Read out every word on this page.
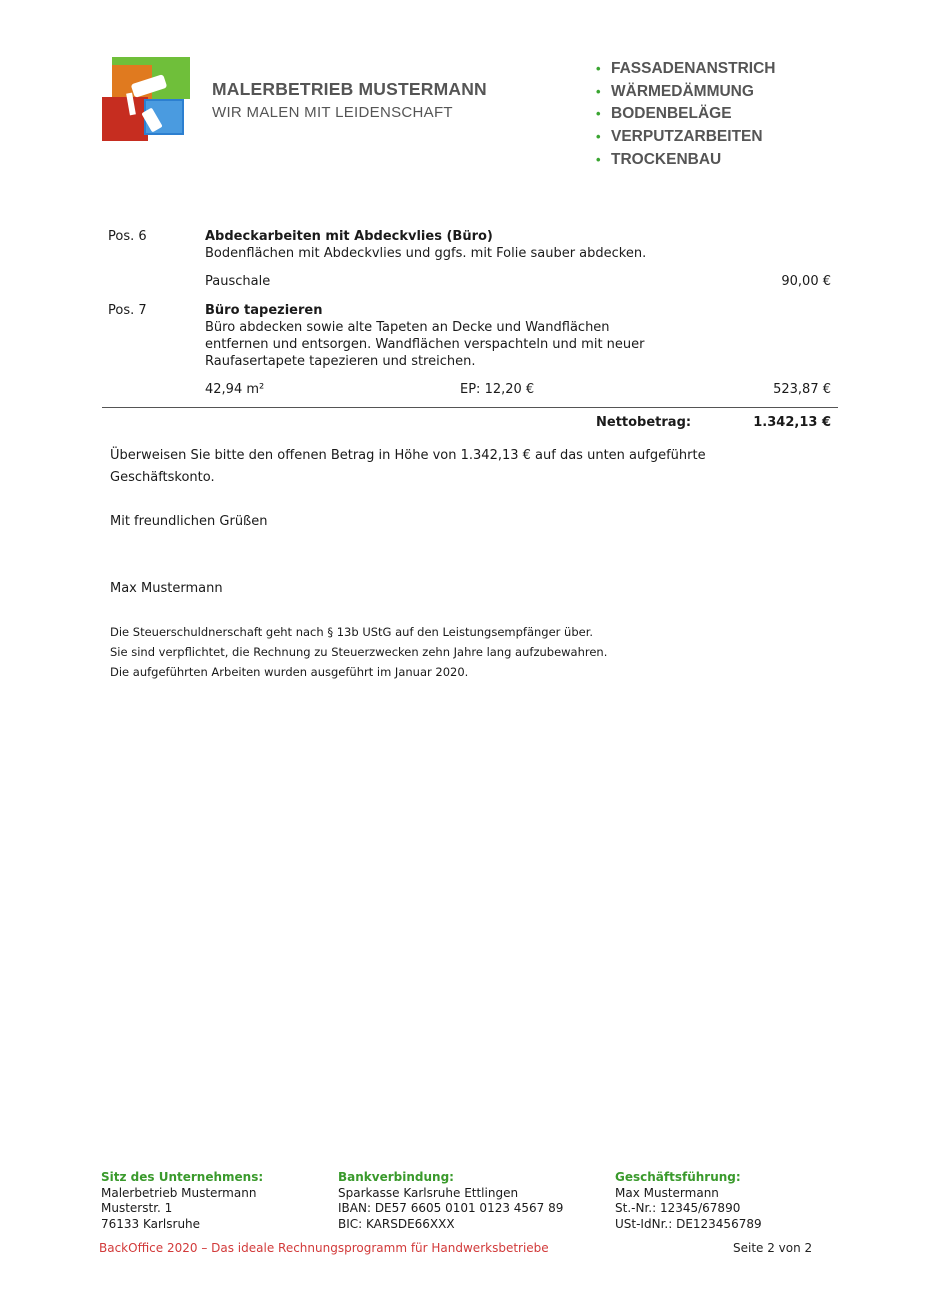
MALERBETRIEB MUSTERMANN
WIR MALEN MIT LEIDENSCHAFT
• FASSADENANSTRICH
• WÄRMEDÄMMUNG
• BODENBELÄGE
• VERPUTZARBEITEN
• TROCKENBAU
Pos. 6	Abdeckarbeiten mit Abdeckvlies (Büro)
Bodenflächen mit Abdeckvlies und ggfs. mit Folie sauber abdecken.
Pauschale	90,00 €
Pos. 7	Büro tapezieren
Büro abdecken sowie alte Tapeten an Decke und Wandflächen
entfernen und entsorgen. Wandflächen verspachteln und mit neuer
Raufasertapete tapezieren und streichen.
42,94 m²	EP: 12,20 €	523,87 €
Nettobetrag:	1.342,13 €
Überweisen Sie bitte den offenen Betrag in Höhe von 1.342,13 € auf das unten aufgeführte
Geschäftskonto.
Mit freundlichen Grüßen
Max Mustermann
Die Steuerschuldnerschaft geht nach § 13b UStG auf den Leistungsempfänger über.
Sie sind verpflichtet, die Rechnung zu Steuerzwecken zehn Jahre lang aufzubewahren.
Die aufgeführten Arbeiten wurden ausgeführt im Januar 2020.
Sitz des Unternehmens:
Malerbetrieb Mustermann
Musterstr. 1
76133 Karlsruhe
Bankverbindung:
Sparkasse Karlsruhe Ettlingen
IBAN: DE57 6605 0101 0123 4567 89
BIC: KARSDE66XXX
Geschäftsführung:
Max Mustermann
St.-Nr.: 12345/67890
USt-IdNr.: DE123456789
BackOffice 2020 – Das ideale Rechnungsprogramm für Handwerksbetriebe	Seite 2 von 2
